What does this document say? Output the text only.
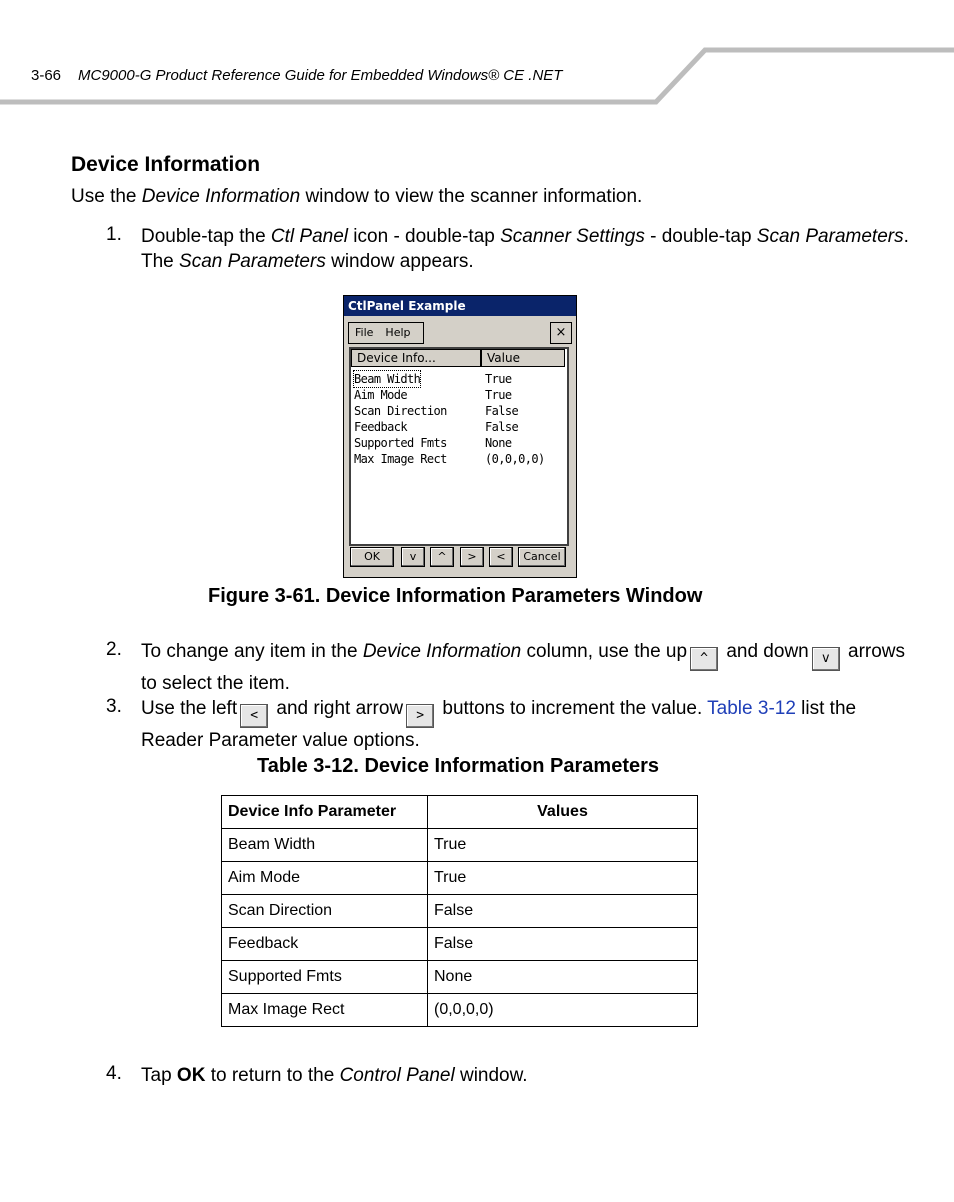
3-66 MC9000-G Product Reference Guide for Embedded Windows® CE .NET
Device Information
Use the Device Information window to view the scanner information.
1. Double-tap the Ctl Panel icon - double-tap Scanner Settings - double-tap Scan Parameters.
The Scan Parameters window appears.
CtlPanel Example
File Help	×
Device Info...	Value
Beam Width	True
Aim Mode	True
Scan Direction	False
Feedback	False
Supported Fmts	None
Max Image Rect	(0,0,0,0)
OK	v	^	>	<	Cancel
Figure 3-61. Device Information Parameters Window
2. To change any item in the Device Information column, use the up ^ and down v arrows
to select the item.
3. Use the left < and right arrow > buttons to increment the value. Table 3-12 list the
Reader Parameter value options.
Table 3-12. Device Information Parameters
Device Info Parameter	Values
Beam Width	True
Aim Mode	True
Scan Direction	False
Feedback	False
Supported Fmts	None
Max Image Rect	(0,0,0,0)
4. Tap OK to return to the Control Panel window.
